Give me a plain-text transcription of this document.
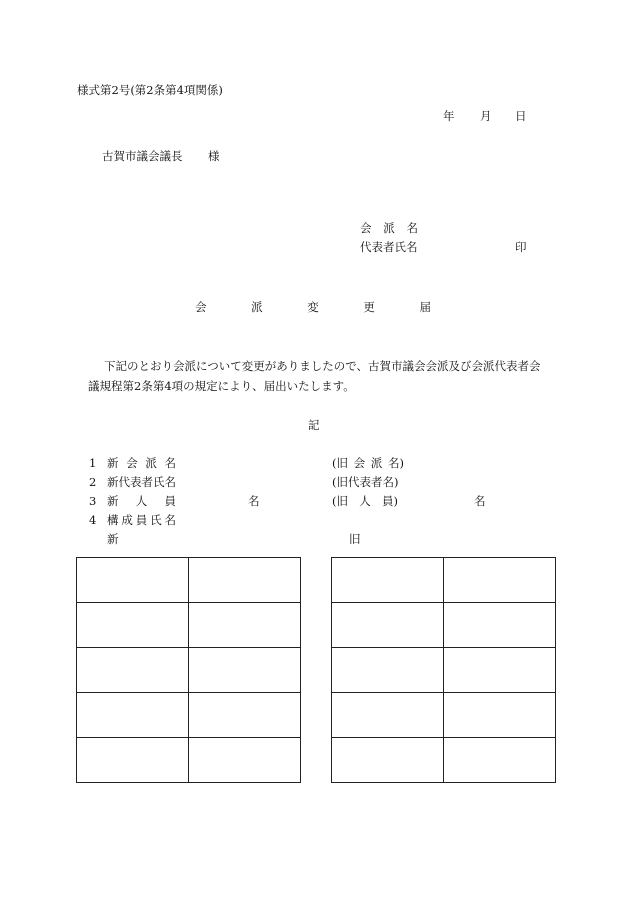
様式第2号(第2条第4項関係)
年 月 日
古賀市議会議長 様
会 派 名
代表者氏名	印
会	派	変	更	届
下記のとおり会派について変更がありましたので、古賀市議会会派及び会派代表者会
議規程第2条第4項の規定により、届出いたします。
記
1 新 会 派 名	(旧 会 派 名)
2 新代表者氏名	(旧代表者名)
3 新 人 員	名	(旧 人 員)	名
4 構 成 員 氏 名
新	旧
